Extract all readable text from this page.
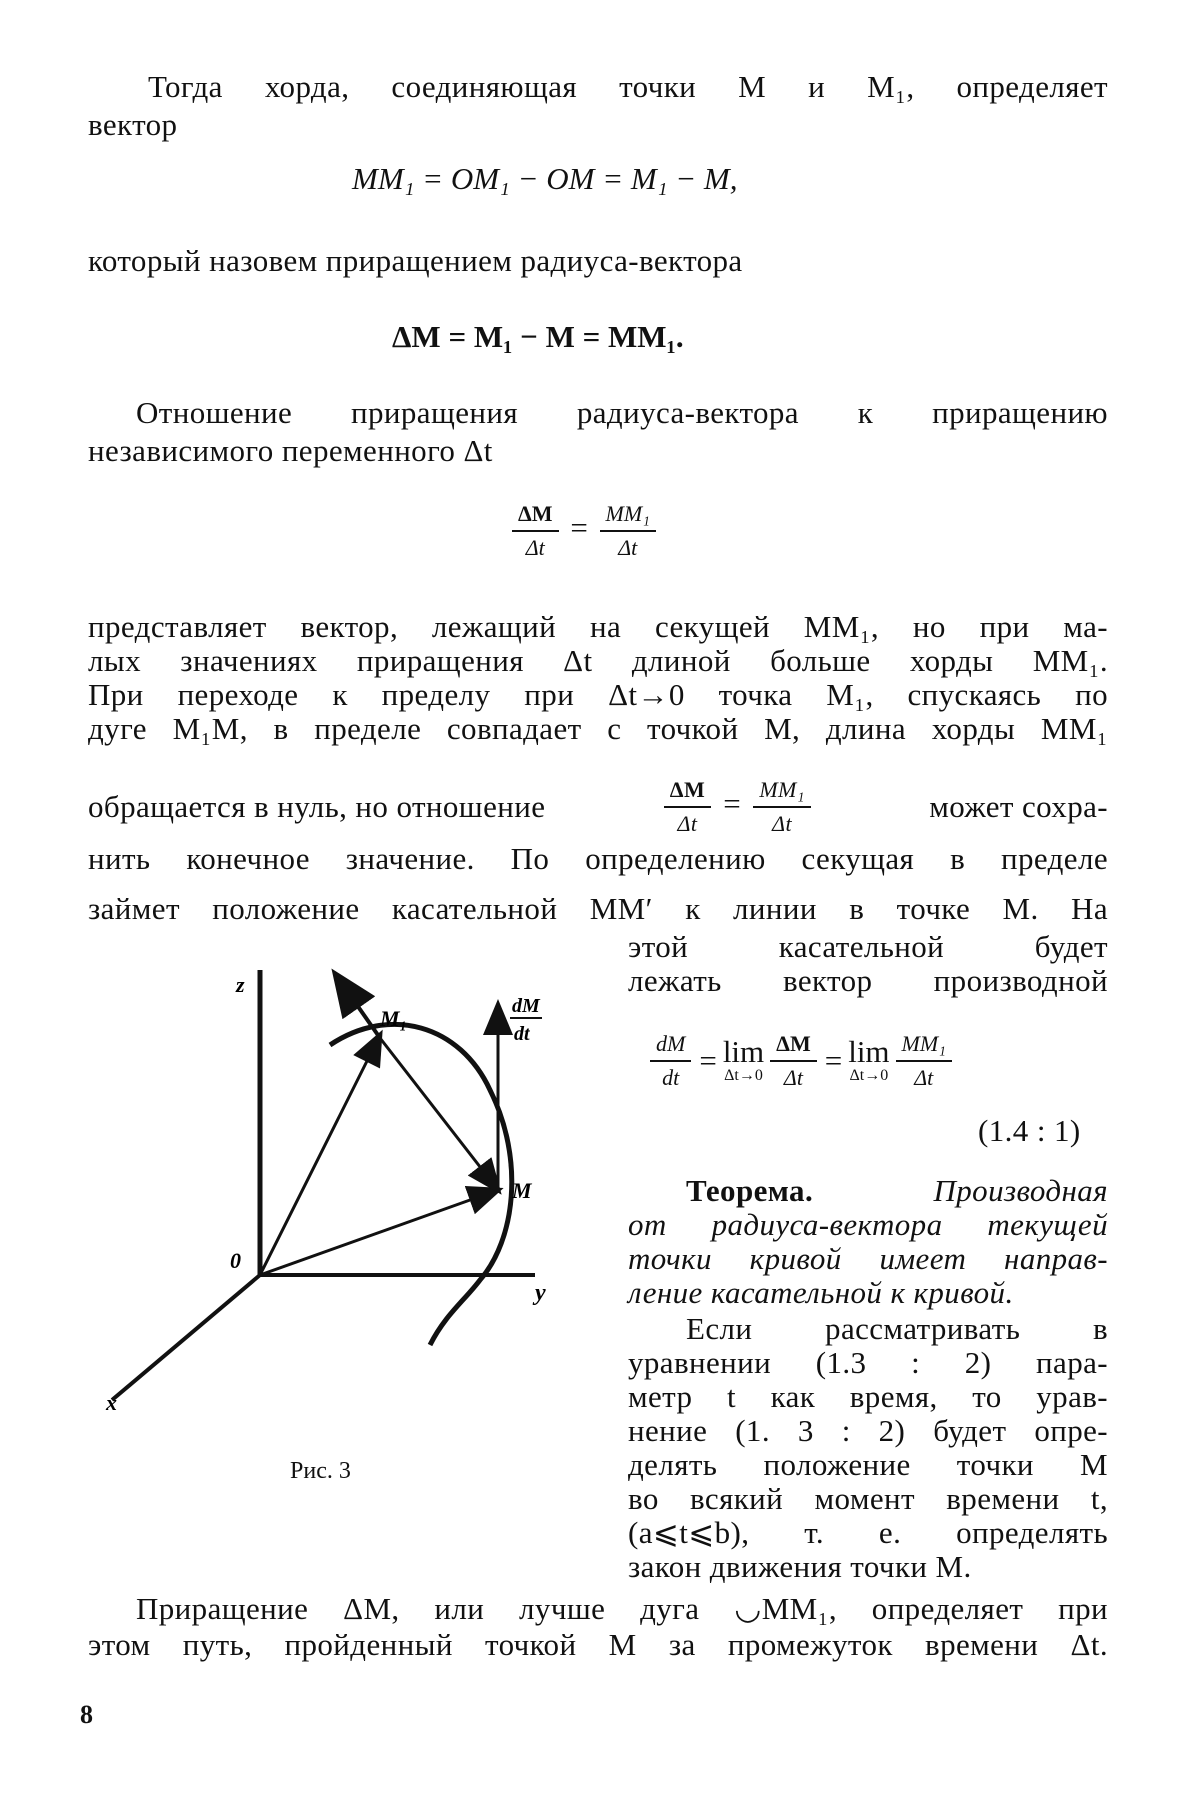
Тогда хорда, соединяющая точки M и M₁, определяет
вектор
MM₁ = OM₁ − OM = M₁ − M,
который назовем приращением радиуса-вектора
ΔM = M₁ − M = MM₁.
Отношение приращения радиуса-вектора к приращению
независимого переменного Δt
$\frac{\Delta M}{\Delta t} = \frac{\text{MM₁}}{\Delta t}$
представляет вектор, лежащий на секущей MM₁, но при ма-
лых значениях приращения Δt длиной больше хорды MM₁.
При переходе к пределу при Δt→0 точка M₁, спускаясь по
дуге M₁M, в пределе совпадает с точкой M, длина хорды MM₁
обращается в нуль, но отношение	$\frac{\Delta M}{\Delta t} = \frac{\text{MM₁}}{\Delta t}$	может сохра-
нить конечное значение. По определению секущая в пределе
займет положение касательной MM′ к линии в точке M. На
этой касательной будет
лежать вектор производной
$\frac{dM}{dt} = \lim$
$\Delta t\to 0 \frac{\Delta M}{\Delta t} = \lim$
$\Delta t\to 0 \frac{\text{MM₁}}{\Delta t}$
(1.4 : 1)
Теорема.	Производная
от радиуса-вектора текущей
точки кривой имеет направ-
ление касательной к кривой.
Если рассматривать в
уравнении (1.3 : 2) пара-
метр t как время, то урав-
нение (1. 3 : 2) будет опре-
делять положение точки M
во всякий момент времени t,
(a⩽t⩽b), т. е. определять
закон движения точки M.
Приращение ΔM, или лучше дуга ◡MM₁, определяет при
этом путь, пройденный точкой M за промежуток времени Δt.
z
y
x
0
M
M₁	dM
dt
Рис. 3
8
